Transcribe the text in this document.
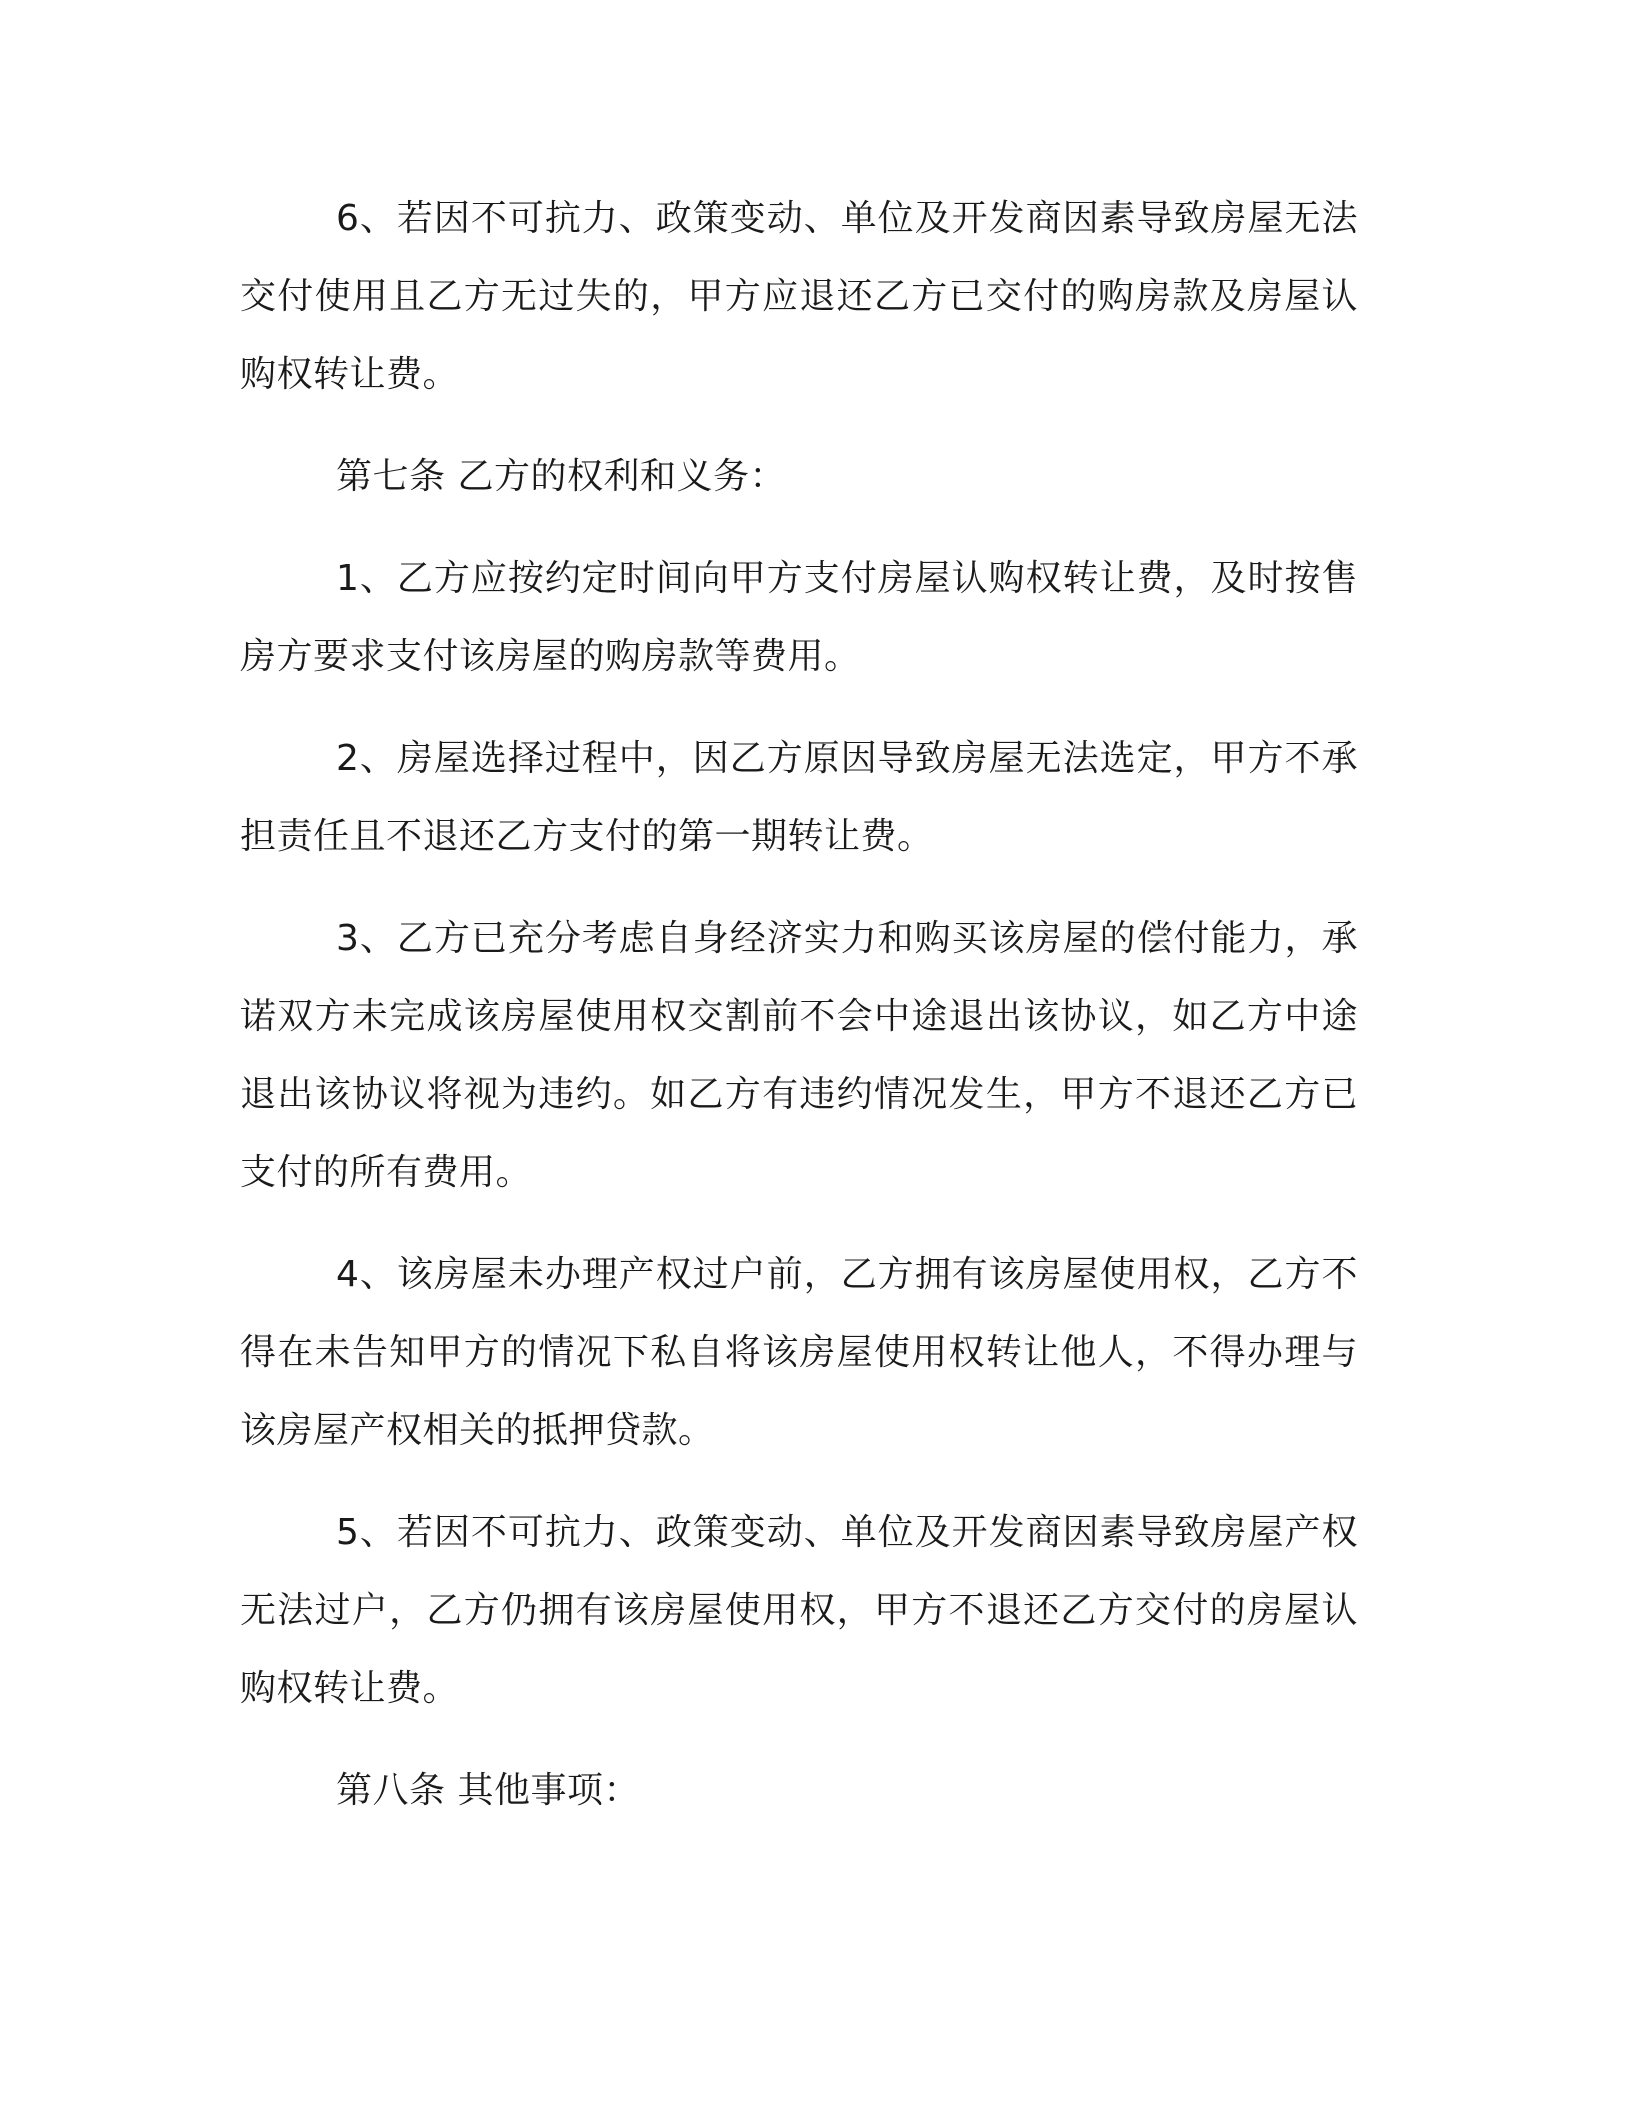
6、若因不可抗力、政策变动、单位及开发商因素导致房屋无法交付使用且乙方无过失的，甲方应退还乙方已交付的购房款及房屋认购权转让费。

第七条 乙方的权利和义务：

1、乙方应按约定时间向甲方支付房屋认购权转让费，及时按售房方要求支付该房屋的购房款等费用。

2、房屋选择过程中，因乙方原因导致房屋无法选定，甲方不承担责任且不退还乙方支付的第一期转让费。

3、乙方已充分考虑自身经济实力和购买该房屋的偿付能力，承诺双方未完成该房屋使用权交割前不会中途退出该协议，如乙方中途退出该协议将视为违约。如乙方有违约情况发生，甲方不退还乙方已支付的所有费用。

4、该房屋未办理产权过户前，乙方拥有该房屋使用权，乙方不得在未告知甲方的情况下私自将该房屋使用权转让他人，不得办理与该房屋产权相关的抵押贷款。

5、若因不可抗力、政策变动、单位及开发商因素导致房屋产权无法过户，乙方仍拥有该房屋使用权，甲方不退还乙方交付的房屋认购权转让费。

第八条 其他事项：
